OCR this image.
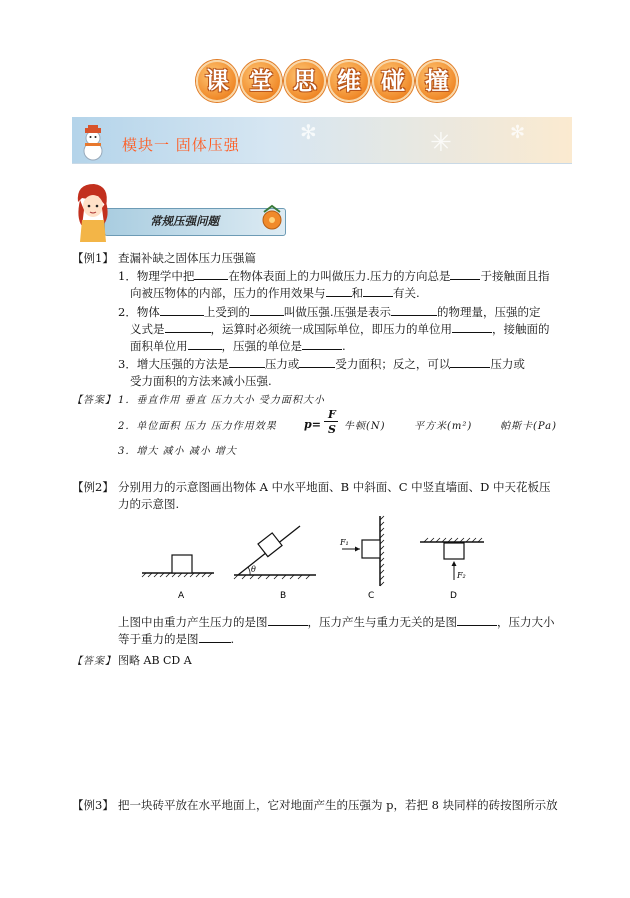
课 堂 思 维 碰 撞
✻	✳	✻
模块一 固体压强
常规压强问题
【例1】 查漏补缺之固体压力压强篇
1．物理学中把	在物体表面上的力叫做压力.压力的方向总是	于接触面且指
向被压物体的内部，压力的作用效果与 和	有关.
2．物体	上受到的	叫做压强.压强是表示	的物理量，压强的定
义式是	，运算时必须统一成国际单位，即压力的单位用	，接触面的
面积单位用	，压强的单位是	.
3．增大压强的方法是	压力或	受力面积；反之，可以	压力或
受力面积的方法来减小压强.
【答案】 1．垂直作用 垂直 压力大小 受力面积大小
2．单位面积 压力 压力作用效果 p=
F
S 牛顿(N)	平方米(m²)	帕斯卡(Pa)
3．增大 减小 减小 增大
【例2】 分别用力的示意图画出物体 A 中水平地面、B 中斜面、C 中竖直墙面、D 中天花板压
力的示意图.
θ
F₁
F₂
A	B	C	D
上图中由重力产生压力的是图	，压力产生与重力无关的是图	，压力大小
等于重力的是图	.
【答案】 图略 AB CD A
【例3】 把一块砖平放在水平地面上，它对地面产生的压强为 p，若把 8 块同样的砖按图所示放
